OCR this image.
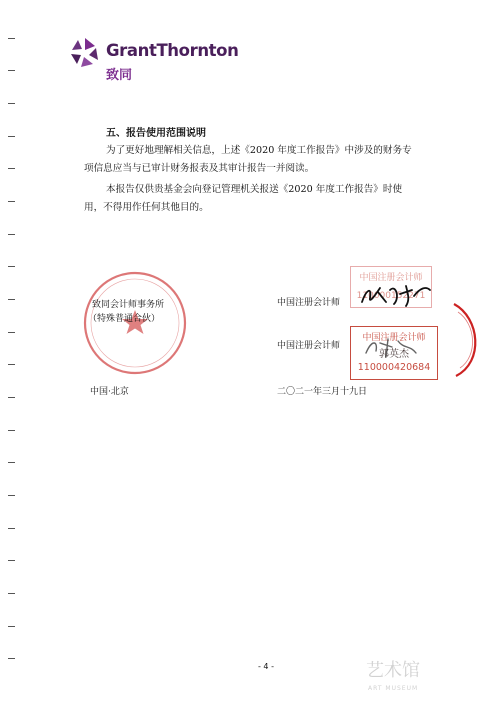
GrantThornton
致同
五、报告使用范围说明
为了更好地理解相关信息，上述《2020 年度工作报告》中涉及的财务专项信息应当与已审计财务报表及其审计报告一并阅读。
本报告仅供贵基金会向登记管理机关报送《2020 年度工作报告》时使用，不得用作任何其他目的。
致同会计师事务所
（特殊普通合伙）
中国注册会计师
中国注册会计师
110000152271
中国注册会计师
中国注册会计师
郭英杰
110000420684
中国·北京	二〇二一年三月十九日
- 4 -	艺术馆
ART MUSEUM
